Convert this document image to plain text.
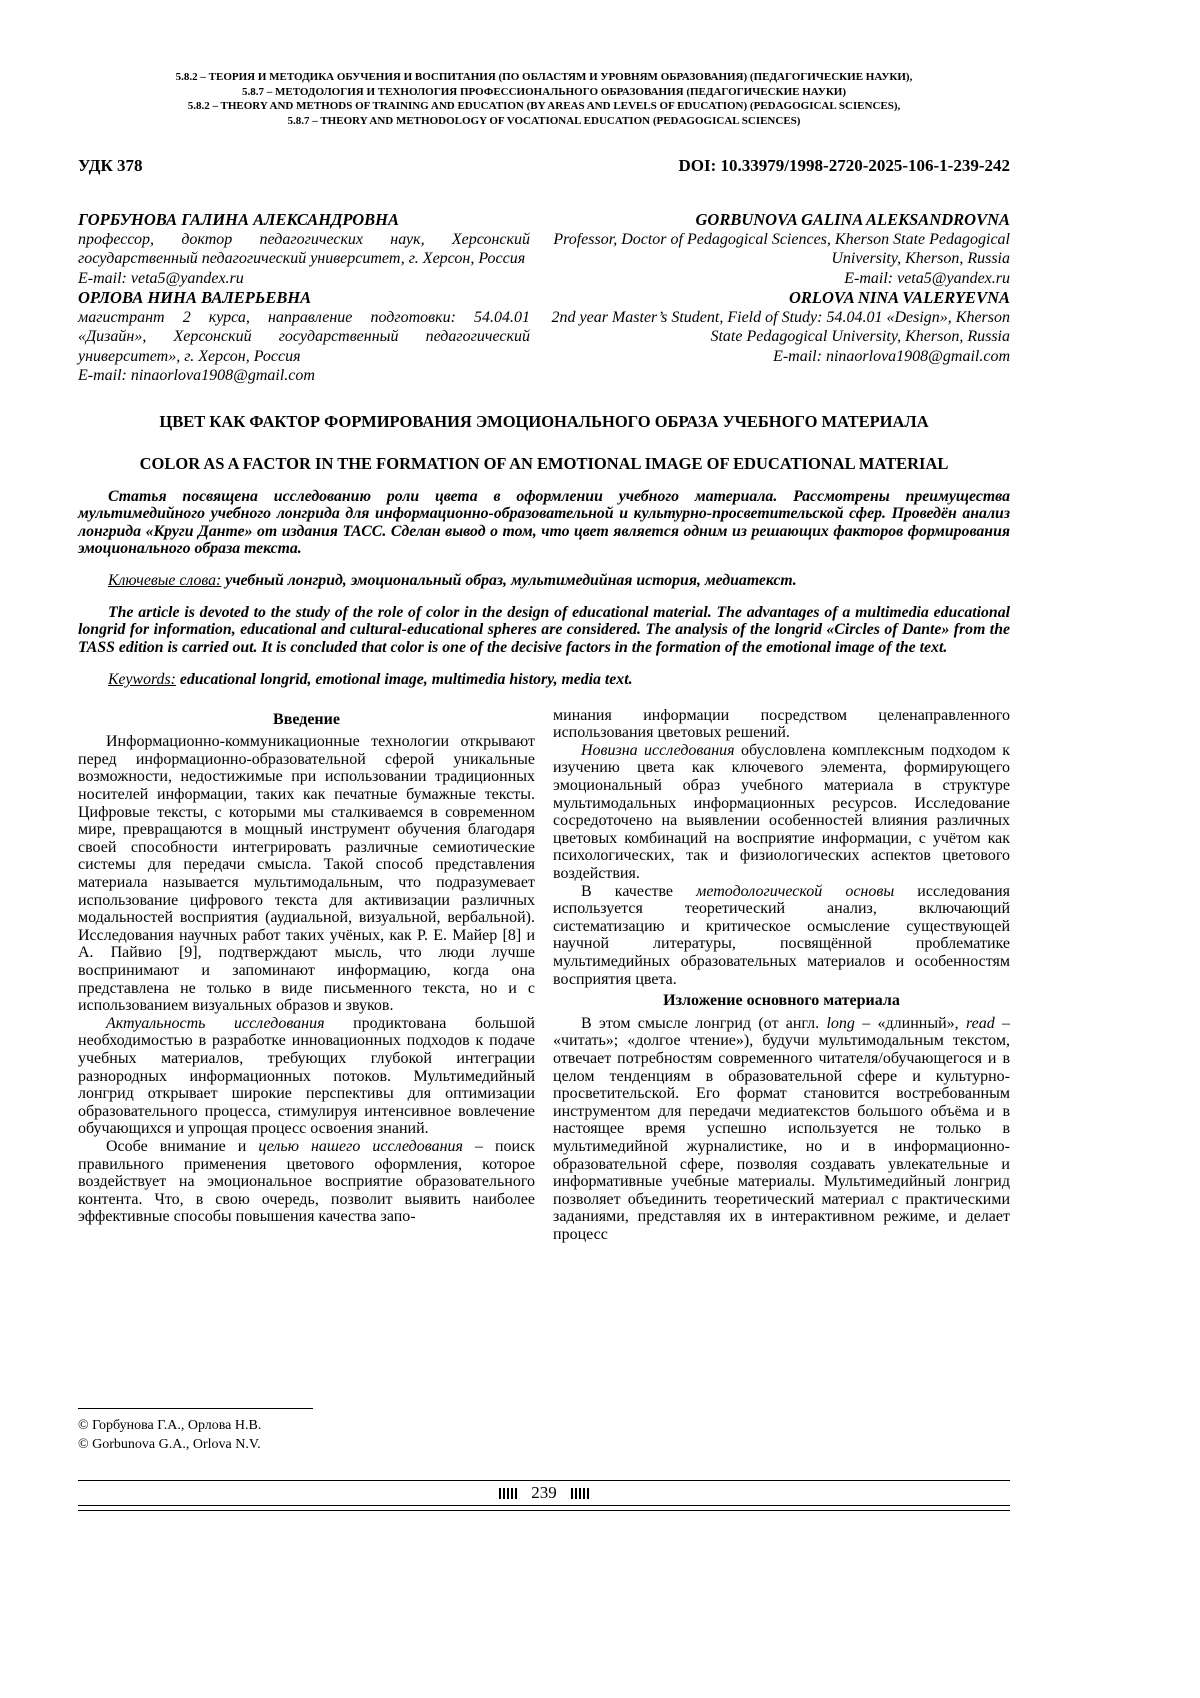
5.8.2 – ТЕОРИЯ И МЕТОДИКА ОБУЧЕНИЯ И ВОСПИТАНИЯ (ПО ОБЛАСТЯМ И УРОВНЯМ ОБРАЗОВАНИЯ) (ПЕДАГОГИЧЕСКИЕ НАУКИ),
5.8.7 – МЕТОДОЛОГИЯ И ТЕХНОЛОГИЯ ПРОФЕССИОНАЛЬНОГО ОБРАЗОВАНИЯ (ПЕДАГОГИЧЕСКИЕ НАУКИ)
5.8.2 – THEORY AND METHODS OF TRAINING AND EDUCATION (BY AREAS AND LEVELS OF EDUCATION) (PEDAGOGICAL SCIENCES),
5.8.7 – THEORY AND METHODOLOGY OF VOCATIONAL EDUCATION (PEDAGOGICAL SCIENCES)
УДК 378	DOI: 10.33979/1998-2720-2025-106-1-239-242
ГОРБУНОВА ГАЛИНА АЛЕКСАНДРОВНА
профессор, доктор педагогических наук, Херсонский государственный педагогический университет, г. Херсон, Россия
E-mail: veta5@yandex.ru
ОРЛОВА НИНА ВАЛЕРЬЕВНА
магистрант 2 курса, направление подготовки: 54.04.01 «Дизайн», Херсонский государственный педагогический университет», г. Херсон, Россия
E-mail: ninaorlova1908@gmail.com
GORBUNOVA GALINA ALEKSANDROVNA
Professor, Doctor of Pedagogical Sciences, Kherson State Pedagogical University, Kherson, Russia
E-mail: veta5@yandex.ru
ORLOVA NINA VALERYEVNA
2nd year Master’s Student, Field of Study: 54.04.01 «Design», Kherson State Pedagogical University, Kherson, Russia
E-mail: ninaorlova1908@gmail.com
ЦВЕТ КАК ФАКТОР ФОРМИРОВАНИЯ ЭМОЦИОНАЛЬНОГО ОБРАЗА УЧЕБНОГО МАТЕРИАЛА
COLOR AS A FACTOR IN THE FORMATION OF AN EMOTIONAL IMAGE OF EDUCATIONAL MATERIAL

Статья посвящена исследованию роли цвета в оформлении учебного материала. Рассмотрены преимущества мультимедийного учебного лонгрида для информационно-образовательной и культурно-просветительской сфер. Проведён анализ лонгрида «Круги Данте» от издания ТАСС. Сделан вывод о том, что цвет является одним из решающих факторов формирования эмоционального образа текста.

Ключевые слова: учебный лонгрид, эмоциональный образ, мультимедийная история, медиатекст.

The article is devoted to the study of the role of color in the design of educational material. The advantages of a multimedia educational longrid for information, educational and cultural-educational spheres are considered. The analysis of the longrid «Circles of Dante» from the TASS edition is carried out. It is concluded that color is one of the decisive factors in the formation of the emotional image of the text.

Keywords: educational longrid, emotional image, multimedia history, media text.

Введение

Информационно-коммуникационные технологии открывают перед информационно-образовательной сферой уникальные возможности, недостижимые при использовании традиционных носителей информации, таких как печатные бумажные тексты. Цифровые тексты, с которыми мы сталкиваемся в современном мире, превращаются в мощный инструмент обучения благодаря своей способности интегрировать различные семиотические системы для передачи смысла. Такой способ представления материала называется мультимодальным, что подразумевает использование цифрового текста для активизации различных модальностей восприятия (аудиальной, визуальной, вербальной). Исследования научных работ таких учёных, как Р. Е. Майер [8] и А. Пайвио [9], подтверждают мысль, что люди лучше воспринимают и запоминают информацию, когда она представлена не только в виде письменного текста, но и с использованием визуальных образов и звуков.

Актуальность исследования продиктована большой необходимостью в разработке инновационных подходов к подаче учебных материалов, требующих глубокой интеграции разнородных информационных потоков. Мультимедийный лонгрид открывает широкие перспективы для оптимизации образовательного процесса, стимулируя интенсивное вовлечение обучающихся и упрощая процесс освоения знаний.

Особе внимание и целью нашего исследования – поиск правильного применения цветового оформления, которое воздействует на эмоциональное восприятие образовательного контента. Что, в свою очередь, позволит выявить наиболее эффективные способы повышения качества запо-

минания информации посредством целенаправленного использования цветовых решений.

Новизна исследования обусловлена комплексным подходом к изучению цвета как ключевого элемента, формирующего эмоциональный образ учебного материала в структуре мультимодальных информационных ресурсов. Исследование сосредоточено на выявлении особенностей влияния различных цветовых комбинаций на восприятие информации, с учётом как психологических, так и физиологических аспектов цветового воздействия.

В качестве методологической основы исследования используется теоретический анализ, включающий систематизацию и критическое осмысление существующей научной литературы, посвящённой проблематике мультимедийных образовательных материалов и особенностям восприятия цвета.

Изложение основного материала

В этом смысле лонгрид (от англ. long – «длинный», read – «читать»; «долгое чтение»), будучи мультимодальным текстом, отвечает потребностям современного читателя/обучающегося и в целом тенденциям в образовательной сфере и культурно-просветительской. Его формат становится востребованным инструментом для передачи медиатекстов большого объёма и в настоящее время успешно используется не только в мультимедийной журналистике, но и в информационно-образовательной сфере, позволяя создавать увлекательные и информативные учебные материалы. Мультимедийный лонгрид позволяет объединить теоретический материал с практическими заданиями, представляя их в интерактивном режиме, и делает процесс

© Горбунова Г.А., Орлова Н.В.
© Gorbunova G.A., Orlova N.V.
239
